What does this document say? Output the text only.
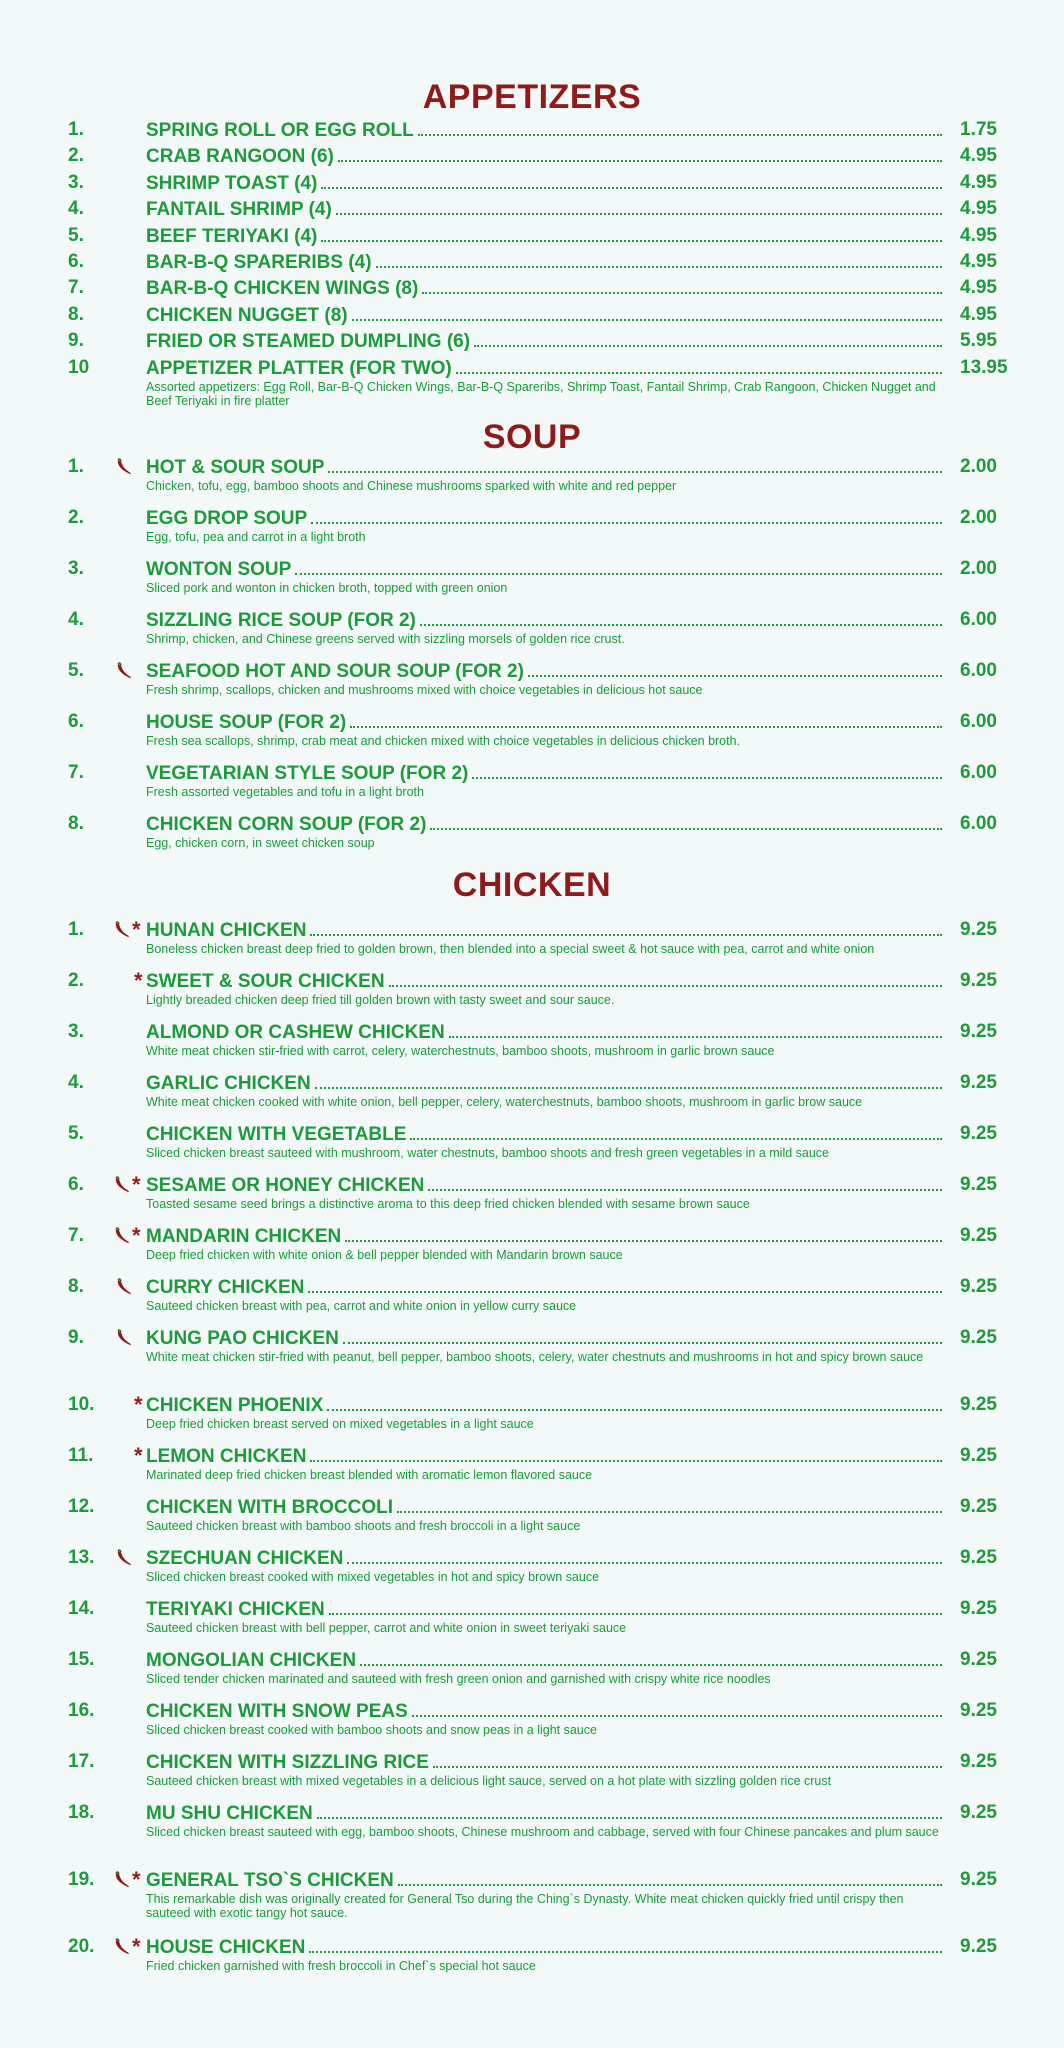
APPETIZERS
1.	SPRING ROLL OR EGG ROLL	1.75
2.	CRAB RANGOON (6)	4.95
3.	SHRIMP TOAST (4)	4.95
4.	FANTAIL SHRIMP (4)	4.95
5.	BEEF TERIYAKI (4)	4.95
6.	BAR-B-Q SPARERIBS (4)	4.95
7.	BAR-B-Q CHICKEN WINGS (8)	4.95
8.	CHICKEN NUGGET (8)	4.95
9.	FRIED OR STEAMED DUMPLING (6)	5.95
10	APPETIZER PLATTER (FOR TWO)	13.95
Assorted appetizers: Egg Roll, Bar-B-Q Chicken Wings, Bar-B-Q Spareribs, Shrimp Toast, Fantail Shrimp, Crab Rangoon, Chicken Nugget and Beef Teriyaki in fire platter
SOUP
1.	HOT & SOUR SOUP	2.00
Chicken, tofu, egg, bamboo shoots and Chinese mushrooms sparked with white and red pepper
2.	EGG DROP SOUP	2.00
Egg, tofu, pea and carrot in a light broth
3.	WONTON SOUP	2.00
Sliced pork and wonton in chicken broth, topped with green onion
4.	SIZZLING RICE SOUP (FOR 2)	6.00
Shrimp, chicken, and Chinese greens served with sizzling morsels of golden rice crust.
5.	SEAFOOD HOT AND SOUR SOUP (FOR 2)	6.00
Fresh shrimp, scallops, chicken and mushrooms mixed with choice vegetables in delicious hot sauce
6.	HOUSE SOUP (FOR 2)	6.00
Fresh sea scallops, shrimp, crab meat and chicken mixed with choice vegetables in delicious chicken broth.
7.	VEGETARIAN STYLE SOUP (FOR 2)	6.00
Fresh assorted vegetables and tofu in a light broth
8.	CHICKEN CORN SOUP (FOR 2)	6.00
Egg, chicken corn, in sweet chicken soup
CHICKEN
1. * HUNAN CHICKEN	9.25
Boneless chicken breast deep fried to golden brown, then blended into a special sweet & hot sauce with pea, carrot and white onion
2. * SWEET & SOUR CHICKEN	9.25
Lightly breaded chicken deep fried till golden brown with tasty sweet and sour sauce.
3.	ALMOND OR CASHEW CHICKEN	9.25
White meat chicken stir-fried with carrot, celery, waterchestnuts, bamboo shoots, mushroom in garlic brown sauce
4.	GARLIC CHICKEN	9.25
White meat chicken cooked with white onion, bell pepper, celery, waterchestnuts, bamboo shoots, mushroom in garlic brow sauce
5.	CHICKEN WITH VEGETABLE	9.25
Sliced chicken breast sauteed with mushroom, water chestnuts, bamboo shoots and fresh green vegetables in a mild sauce
6. * SESAME OR HONEY CHICKEN	9.25
Toasted sesame seed brings a distinctive aroma to this deep fried chicken blended with sesame brown sauce
7. * MANDARIN CHICKEN	9.25
Deep fried chicken with white onion & bell pepper blended with Mandarin brown sauce
8.	CURRY CHICKEN	9.25
Sauteed chicken breast with pea, carrot and white onion in yellow curry sauce
9.	KUNG PAO CHICKEN	9.25
White meat chicken stir-fried with peanut, bell pepper, bamboo shoots, celery, water chestnuts and mushrooms in hot and spicy brown sauce
10. * CHICKEN PHOENIX	9.25
Deep fried chicken breast served on mixed vegetables in a light sauce
11. * LEMON CHICKEN	9.25
Marinated deep fried chicken breast blended with aromatic lemon flavored sauce
12.	CHICKEN WITH BROCCOLI	9.25
Sauteed chicken breast with bamboo shoots and fresh broccoli in a light sauce
13.	SZECHUAN CHICKEN	9.25
Sliced chicken breast cooked with mixed vegetables in hot and spicy brown sauce
14.	TERIYAKI CHICKEN	9.25
Sauteed chicken breast with bell pepper, carrot and white onion in sweet teriyaki sauce
15.	MONGOLIAN CHICKEN	9.25
Sliced tender chicken marinated and sauteed with fresh green onion and garnished with crispy white rice noodles
16.	CHICKEN WITH SNOW PEAS	9.25
Sliced chicken breast cooked with bamboo shoots and snow peas in a light sauce
17.	CHICKEN WITH SIZZLING RICE	9.25
Sauteed chicken breast with mixed vegetables in a delicious light sauce, served on a hot plate with sizzling golden rice crust
18.	MU SHU CHICKEN	9.25
Sliced chicken breast sauteed with egg, bamboo shoots, Chinese mushroom and cabbage, served with four Chinese pancakes and plum sauce
19. * GENERAL TSO`S CHICKEN	9.25
This remarkable dish was originally created for General Tso during the Ching`s Dynasty. White meat chicken quickly fried until crispy then sauteed with exotic tangy hot sauce.
20. * HOUSE CHICKEN	9.25
Fried chicken garnished with fresh broccoli in Chef`s special hot sauce
